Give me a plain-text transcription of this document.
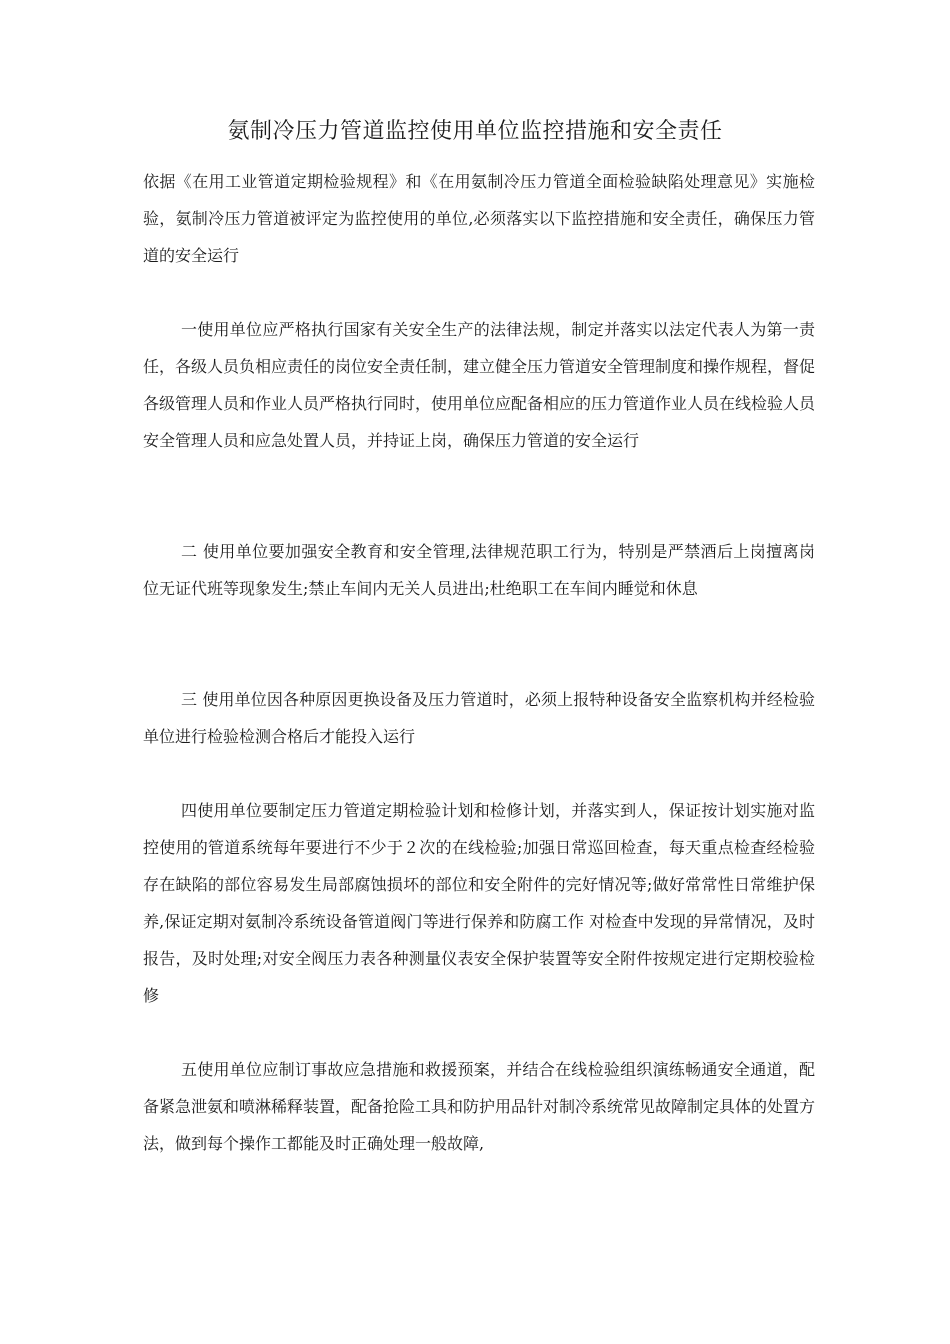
氨制冷压力管道监控使用单位监控措施和安全责任

依据《在用工业管道定期检验规程》和《在用氨制冷压力管道全面检验缺陷处理意见》实施检验，氨制冷压力管道被评定为监控使用的单位,必须落实以下监控措施和安全责任，确保压力管道的安全运行

一使用单位应严格执行国家有关安全生产的法律法规，制定并落实以法定代表人为第一责任，各级人员负相应责任的岗位安全责任制，建立健全压力管道安全管理制度和操作规程，督促各级管理人员和作业人员严格执行同时，使用单位应配备相应的压力管道作业人员在线检验人员安全管理人员和应急处置人员，并持证上岗，确保压力管道的安全运行

二 使用单位要加强安全教育和安全管理,法律规范职工行为，特别是严禁酒后上岗擅离岗位无证代班等现象发生;禁止车间内无关人员进出;杜绝职工在车间内睡觉和休息

三 使用单位因各种原因更换设备及压力管道时，必须上报特种设备安全监察机构并经检验单位进行检验检测合格后才能投入运行

四使用单位要制定压力管道定期检验计划和检修计划，并落实到人，保证按计划实施对监控使用的管道系统每年要进行不少于２次的在线检验;加强日常巡回检查，每天重点检查经检验存在缺陷的部位容易发生局部腐蚀损坏的部位和安全附件的完好情况等;做好常常性日常维护保养,保证定期对氨制冷系统设备管道阀门等进行保养和防腐工作 对检查中发现的异常情况，及时报告，及时处理;对安全阀压力表各种测量仪表安全保护装置等安全附件按规定进行定期校验检修

五使用单位应制订事故应急措施和救援预案，并结合在线检验组织演练畅通安全通道，配备紧急泄氨和喷淋稀释装置，配备抢险工具和防护用品针对制冷系统常见故障制定具体的处置方法，做到每个操作工都能及时正确处理一般故障,
